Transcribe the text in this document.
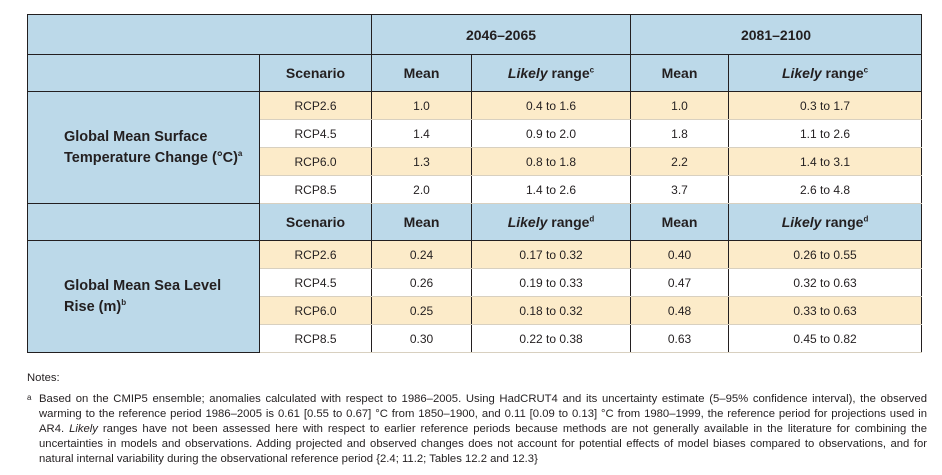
		2046–2065		2081–2100	
	Scenario	Mean	Likely range$^c$	Mean	Likely range$^c$

Global Mean Surface
Temperature Change $(^\circ C)^a$	RCP2.6	1.0	0.4 to 1.6	1.0	0.3 to 1.7
	RCP4.5	1.4	0.9 to 2.0	1.8	1.1 to 2.6
	RCP6.0	1.3	0.8 to 1.8	2.2	1.4 to 3.1
	RCP8.5	2.0	1.4 to 2.6	3.7	2.6 to 4.8
	Scenario	Mean	Likely range$^d$	Mean	Likely range$^d$

Global Mean Sea Level
Rise $(m)^b$	RCP2.6	0.24	0.17 to 0.32	0.40	0.26 to 0.55
	RCP4.5	0.26	0.19 to 0.33	0.47	0.32 to 0.63
	RCP6.0	0.25	0.18 to 0.32	0.48	0.33 to 0.63
	RCP8.5	0.30	0.22 to 0.38	0.63	0.45 to 0.82
Notes:
a Based on the CMIP5 ensemble; anomalies calculated with respect to 1986–2005. Using HadCRUT4 and its uncertainty estimate (5–95% confidence interval), the observed warming to the reference period 1986–2005 is 0.61 [0.55 to 0.67] °C from 1850–1900, and 0.11 [0.09 to 0.13] °C from 1980–1999, the reference period for projections used in AR4. Likely ranges have not been assessed here with respect to earlier reference periods because methods are not generally available in the literature for combining the uncertainties in models and observations. Adding projected and observed changes does not account for potential effects of model biases compared to observations, and for natural internal variability during the observational reference period {2.4; 11.2; Tables 12.2 and 12.3}
